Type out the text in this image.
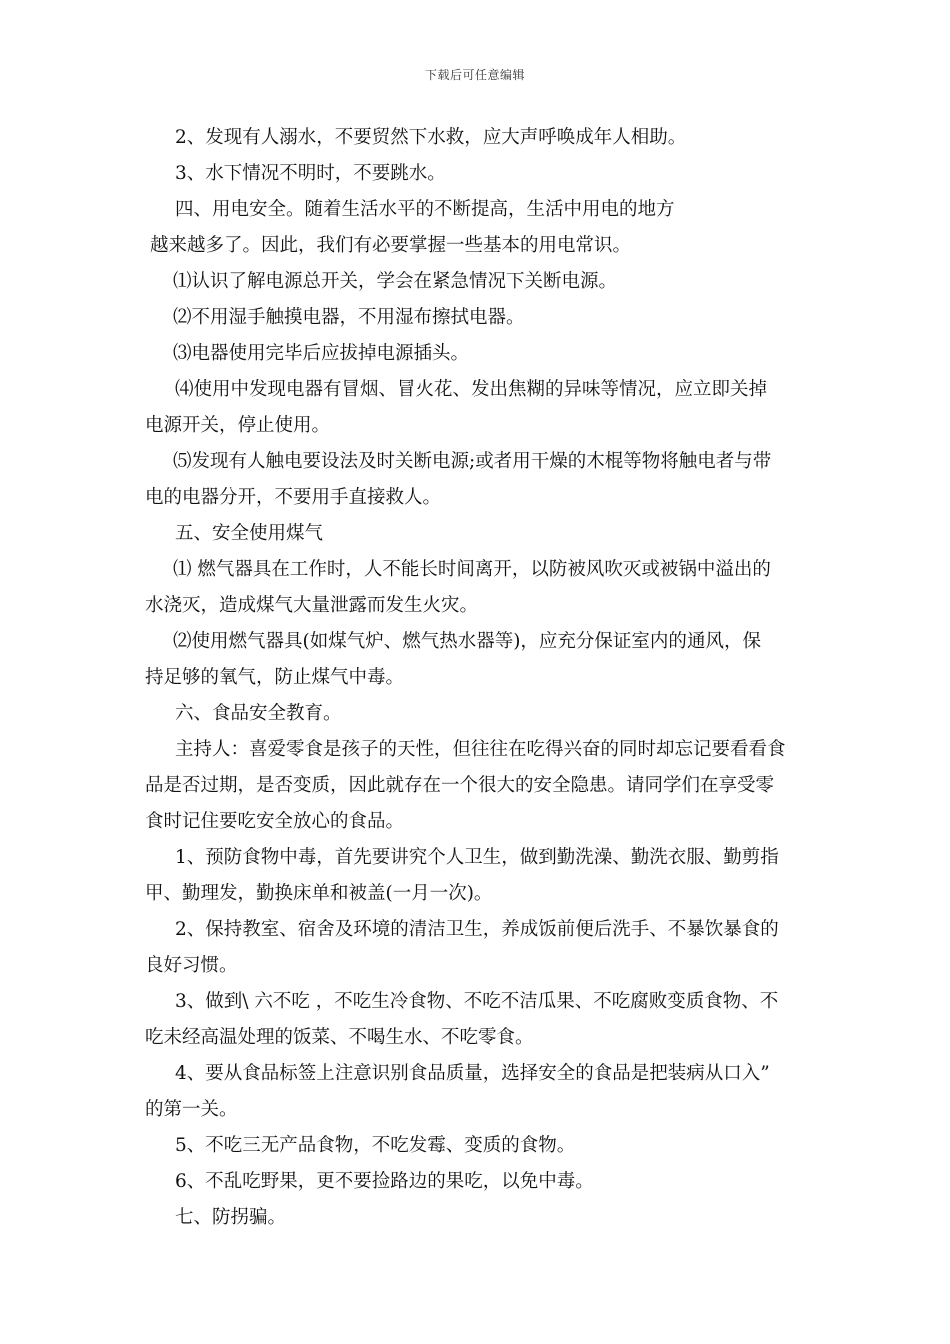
下载后可任意编辑
2、发现有人溺水，不要贸然下水救，应大声呼唤成年人相助。
3、水下情况不明时，不要跳水。
四、用电安全。随着生活水平的不断提高，生活中用电的地方
越来越多了。因此，我们有必要掌握一些基本的用电常识。
⑴认识了解电源总开关，学会在紧急情况下关断电源。
⑵不用湿手触摸电器，不用湿布擦拭电器。
⑶电器使用完毕后应拔掉电源插头。
⑷使用中发现电器有冒烟、冒火花、发出焦糊的异味等情况，应立即关掉
电源开关，停止使用。
⑸发现有人触电要设法及时关断电源;或者用干燥的木棍等物将触电者与带
电的电器分开，不要用手直接救人。
五、安全使用煤气
⑴ 燃气器具在工作时，人不能长时间离开，以防被风吹灭或被锅中溢出的
水浇灭，造成煤气大量泄露而发生火灾。
⑵使用燃气器具(如煤气炉、燃气热水器等)，应充分保证室内的通风，保
持足够的氧气，防止煤气中毒。
六、食品安全教育。
主持人：喜爱零食是孩子的天性，但往往在吃得兴奋的同时却忘记要看看食
品是否过期，是否变质，因此就存在一个很大的安全隐患。请同学们在享受零
食时记住要吃安全放心的食品。
1、预防食物中毒，首先要讲究个人卫生，做到勤洗澡、勤洗衣服、勤剪指
甲、勤理发，勤换床单和被盖(一月一次)。
2、保持教室、宿舍及环境的清洁卫生，养成饭前便后洗手、不暴饮暴食的
良好习惯。
3、做到\ 六不吃 ，不吃生冷食物、不吃不洁瓜果、不吃腐败变质食物、不
吃未经高温处理的饭菜、不喝生水、不吃零食。
4、要从食品标签上注意识别食品质量，选择安全的食品是把装病从口入”
的第一关。
5、不吃三无产品食物，不吃发霉、变质的食物。
6、不乱吃野果，更不要捡路边的果吃，以免中毒。
七、防拐骗。
